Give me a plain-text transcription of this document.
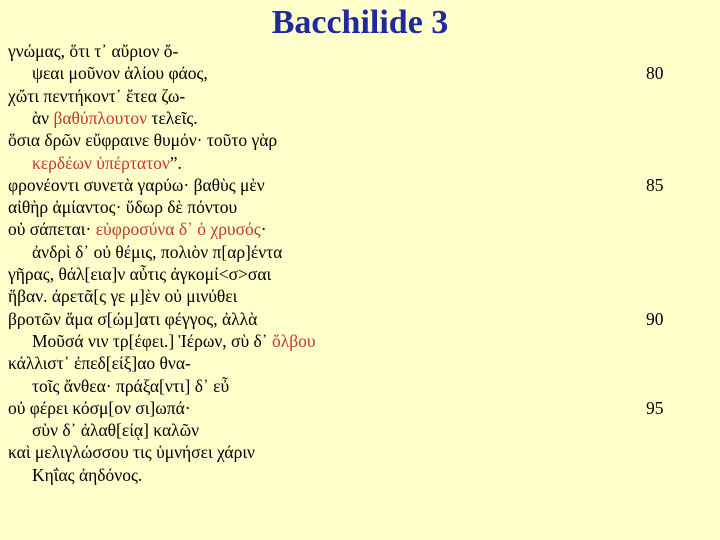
Bacchilide 3
γνώμας, ὅτι τ᾽ αὔριον ὄ-
ψεαι μοῦνον ἁλίου φάος,
χὤτι πεντήκοντ᾽ ἔτεα ζω-
ὰν βαθύπλουτον τελεῖς.
ὅσια δρῶν εὔφραινε θυμόν· τοῦτο γὰρ
κερδέων ὑπέρτατον”.
φρονέοντι συνετὰ γαρύω· βαθὺς μὲν
αἰθὴρ ἀμίαντος· ὕδωρ δὲ πόντου
οὐ σάπεται· εὐφροσύνα δ᾽ ὁ χρυσός·
ἀνδρὶ δ᾽ οὐ θέμις, πολιὸν π[αρ]έντα
γῆρας, θάλ[εια]ν αὖτις ἀγκομί<σ>σαι
ἥβαν. ἀρετᾶ[ς γε μ]ὲν οὐ μινύθει
βροτῶν ἅμα σ[ώμ]ατι φέγγος, ἀλλὰ
Μοῦσά νιν τρ[έφει.] Ἱέρων, σὺ δ᾽ ὄλβου
κάλλιστ᾽ ἐπεδ[είξ]αο θνα-
τοῖς ἄνθεα· πράξα[ντι] δ᾽ εὖ
οὐ φέρει κόσμ[ον σι]ωπά·
σὺν δ᾽ ἀλαθ[είᾳ] καλῶν
καὶ μελιγλώσσου τις ὑμνήσει χάριν
Κηΐας ἀηδόνος.
80
85
90
95
